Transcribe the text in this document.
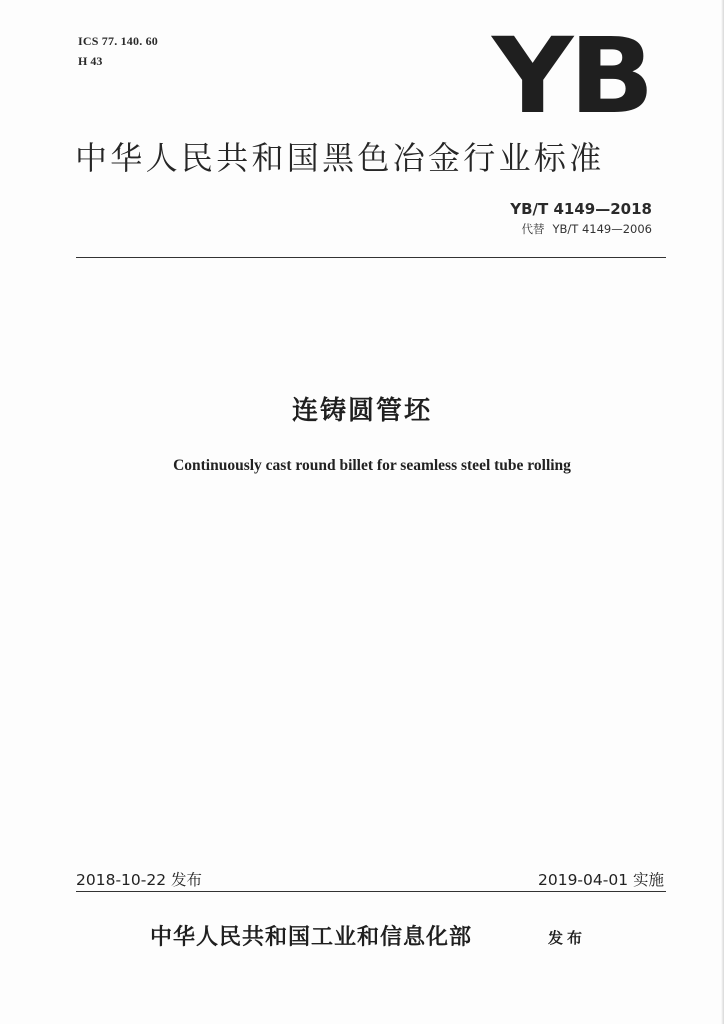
ICS 77. 140. 60
H 43	YB
中华人民共和国黑色冶金行业标准
YB/T 4149—2018
代替 YB/T 4149—2006
连铸圆管坯
Continuously cast round billet for seamless steel tube rolling
2018-10-22 发布	2019-04-01 实施
中华人民共和国工业和信息化部	发布
